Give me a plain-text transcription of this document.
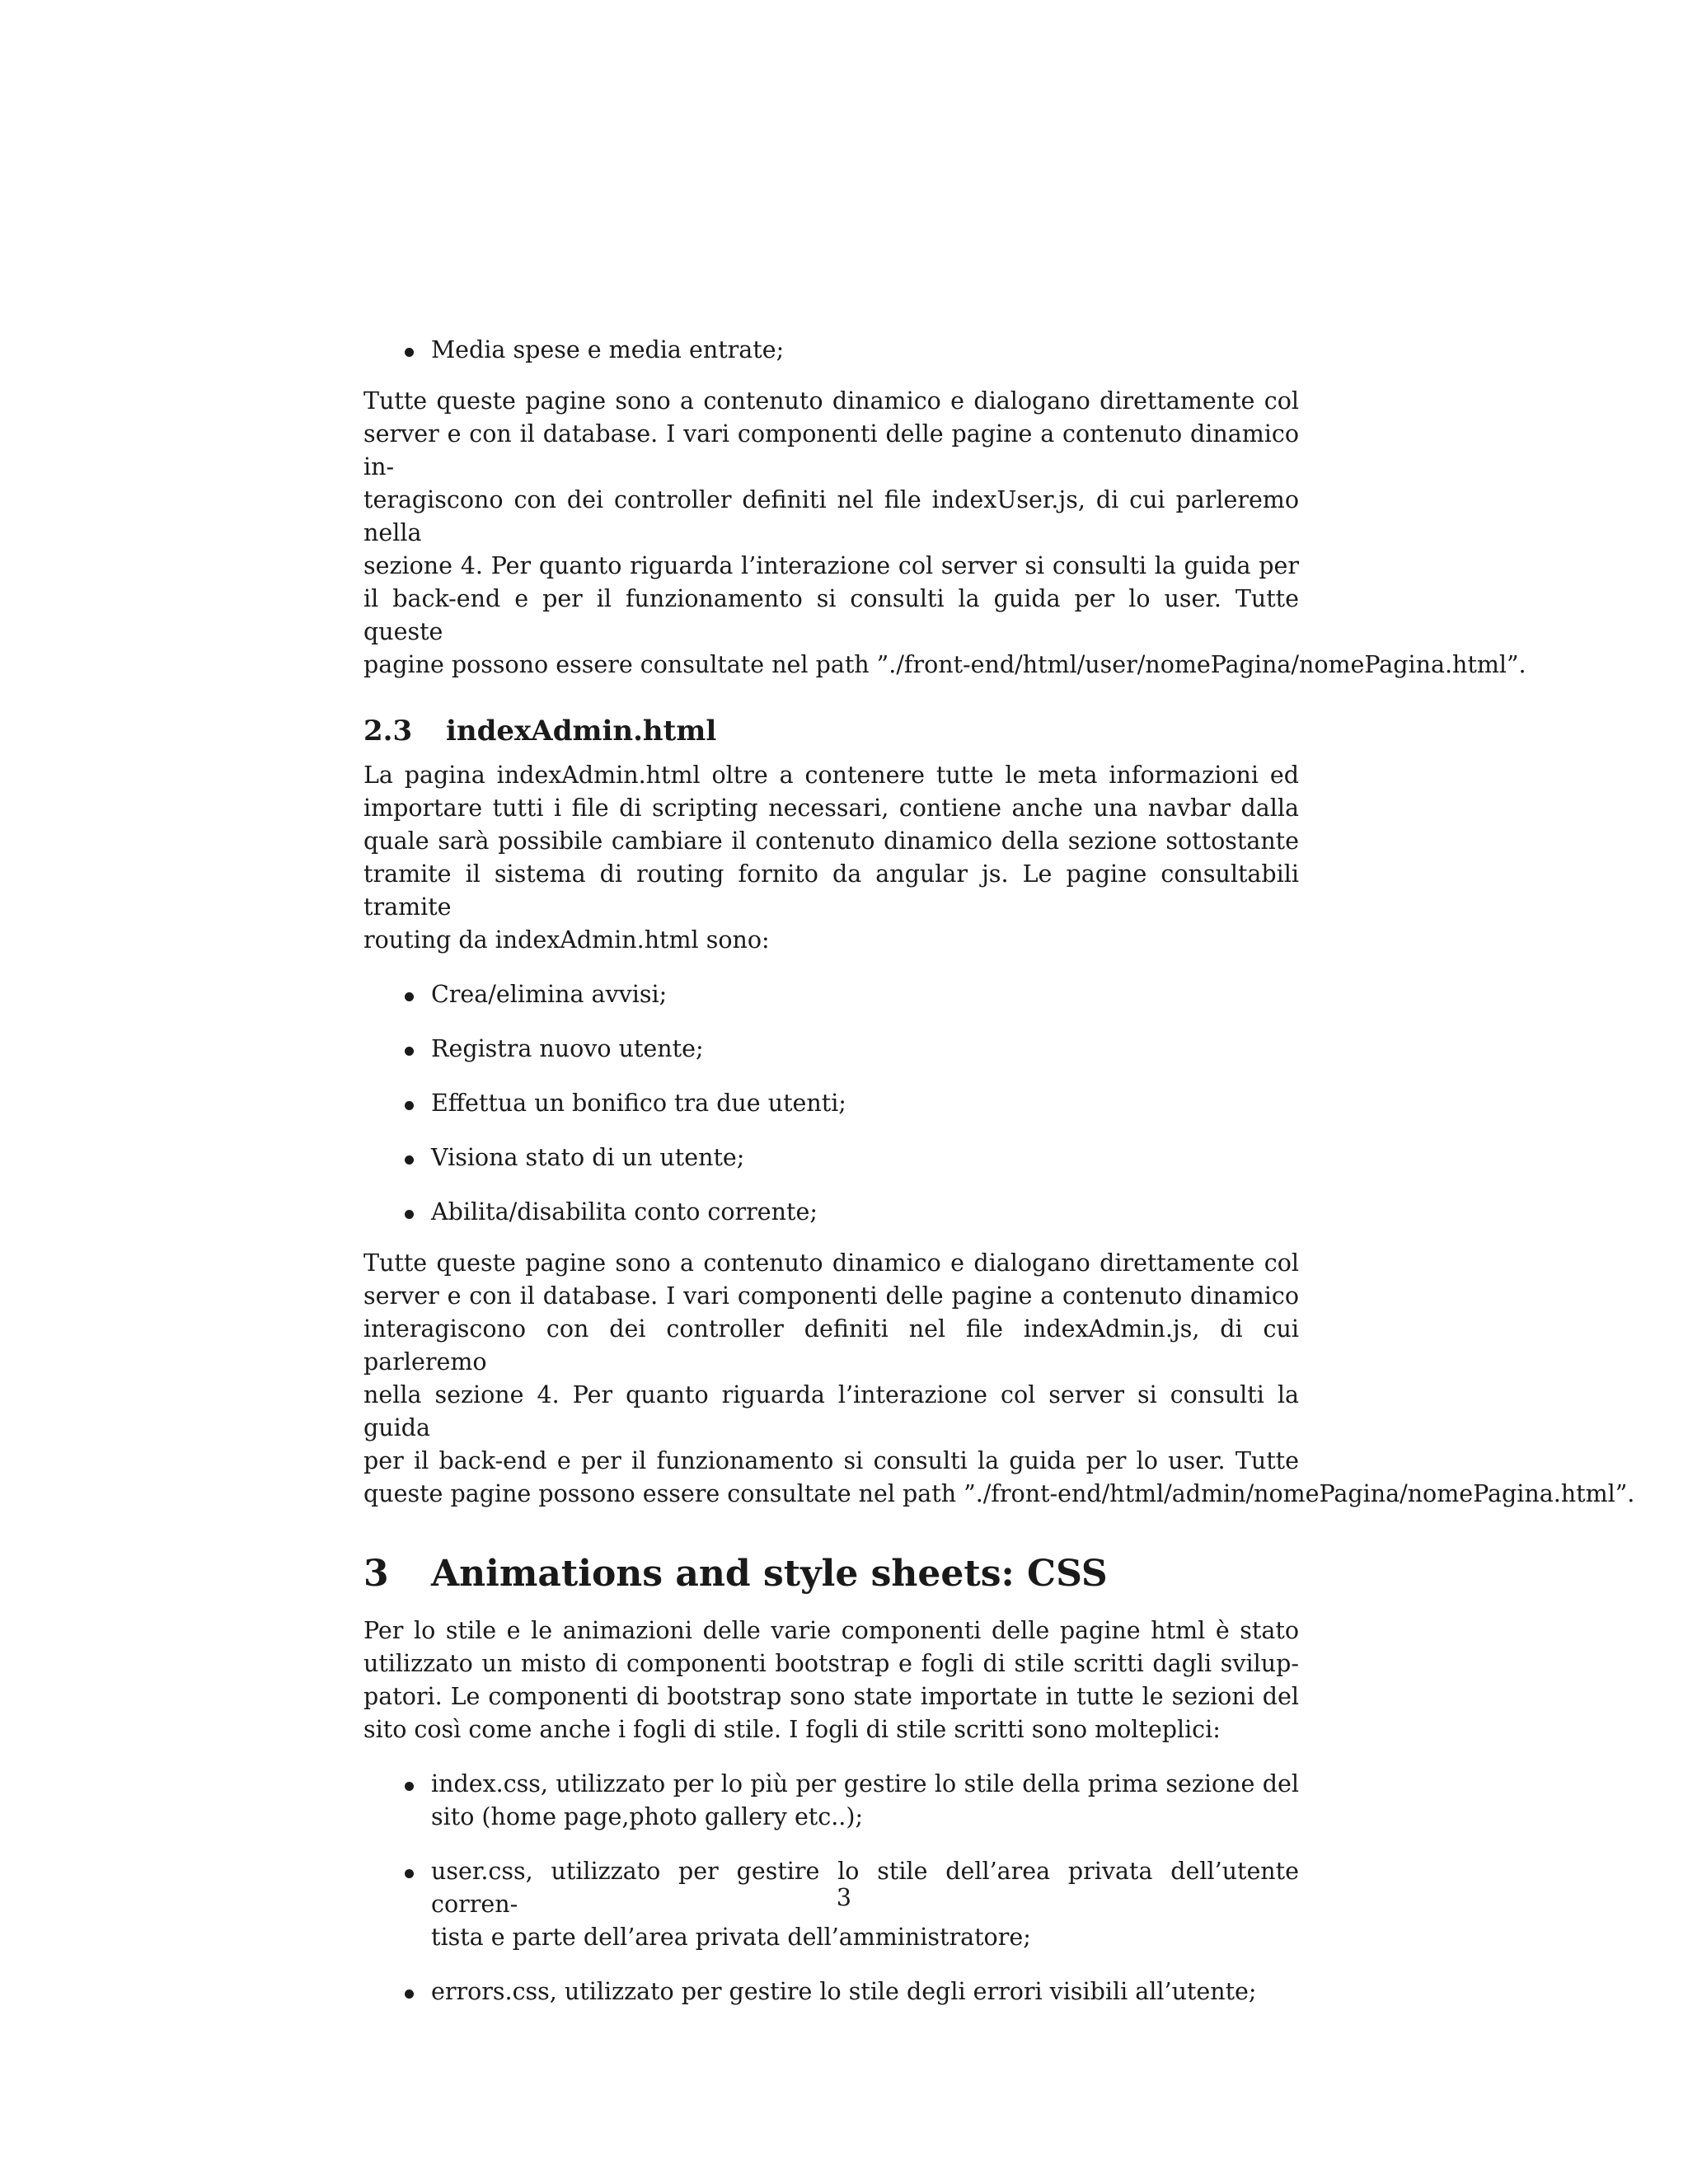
Media spese e media entrate;
Tutte queste pagine sono a contenuto dinamico e dialogano direttamente col
server e con il database. I vari componenti delle pagine a contenuto dinamico in-
teragiscono con dei controller definiti nel file indexUser.js, di cui parleremo nella
sezione 4. Per quanto riguarda l’interazione col server si consulti la guida per
il back-end e per il funzionamento si consulti la guida per lo user. Tutte queste
pagine possono essere consultate nel path ”./front-end/html/user/nomePagina/nomePagina.html”.
2.3 indexAdmin.html
La pagina indexAdmin.html oltre a contenere tutte le meta informazioni ed
importare tutti i file di scripting necessari, contiene anche una navbar dalla
quale sarà possibile cambiare il contenuto dinamico della sezione sottostante
tramite il sistema di routing fornito da angular js. Le pagine consultabili tramite
routing da indexAdmin.html sono:
Crea/elimina avvisi;
Registra nuovo utente;
Effettua un bonifico tra due utenti;
Visiona stato di un utente;
Abilita/disabilita conto corrente;
Tutte queste pagine sono a contenuto dinamico e dialogano direttamente col
server e con il database. I vari componenti delle pagine a contenuto dinamico
interagiscono con dei controller definiti nel file indexAdmin.js, di cui parleremo
nella sezione 4. Per quanto riguarda l’interazione col server si consulti la guida
per il back-end e per il funzionamento si consulti la guida per lo user. Tutte
queste pagine possono essere consultate nel path ”./front-end/html/admin/nomePagina/nomePagina.html”.
3 Animations and style sheets: CSS
Per lo stile e le animazioni delle varie componenti delle pagine html è stato
utilizzato un misto di componenti bootstrap e fogli di stile scritti dagli svilup-
patori. Le componenti di bootstrap sono state importate in tutte le sezioni del
sito così come anche i fogli di stile. I fogli di stile scritti sono molteplici:
index.css, utilizzato per lo più per gestire lo stile della prima sezione del
sito (home page,photo gallery etc..);
user.css, utilizzato per gestire lo stile dell’area privata dell’utente corren-
tista e parte dell’area privata dell’amministratore;
errors.css, utilizzato per gestire lo stile degli errori visibili all’utente;
3
